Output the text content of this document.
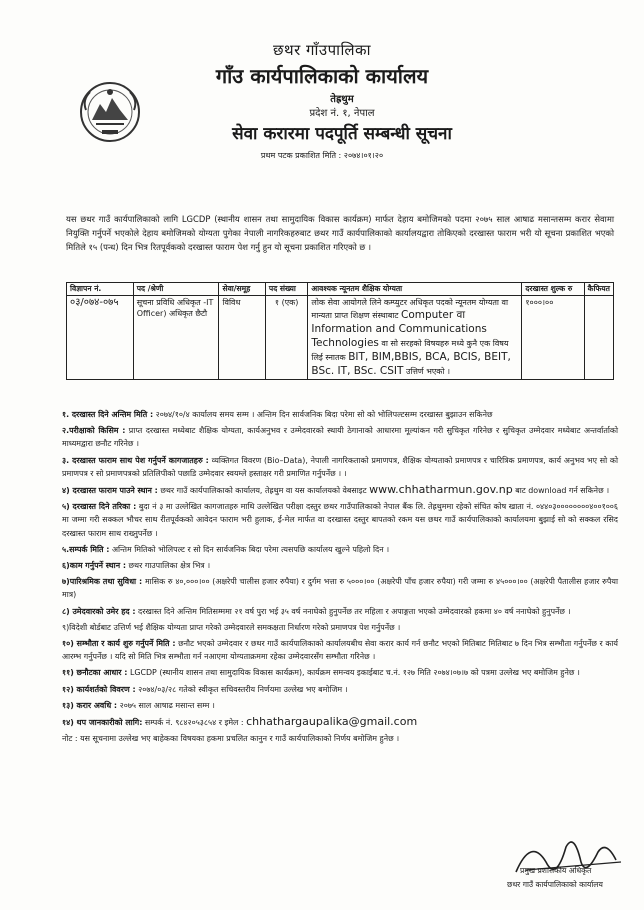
छथर गाँउपालिका
गाँउ कार्यपालिकाको कार्यालय
तेह्रथुम
प्रदेश नं. १, नेपाल
सेवा करारमा पदपूर्ति सम्बन्धी सूचना
प्रथम पटक प्रकाशित मिति : २०७४।०१।२०
यस छथर गाउँ कार्यपालिकाको लागि LGCDP (स्थानीय शासन तथा सामुदायिक विकास कार्यक्रम) मार्फत देहाय बमोजिमको पदमा २०७५ साल आषाढ मसान्तसम्म करार सेवामा नियुक्ति गर्नुपर्ने भएकोले देहाय बमोजिमको योग्यता पुगेका नेपाली नागरिकहरुबाट छथर गाउँ कार्यपालिकाको कार्यालयद्वारा तोकिएको दरखास्त फाराम भरी यो सूचना प्रकाशित भएको मितिले १५ (पन्ध) दिन भित्र रितपूर्वकको दरखास्त फाराम पेश गर्नु हुन यो सूचना प्रकाशित गरिएको छ ।
विज्ञापन नं.	पद /श्रेणी	सेवा/समूह	पद संख्या	आवश्यक न्यूनतम शैक्षिक योग्यता	दरखास्त शुल्क रु	कैफियत
०३/०७४-०७५	सूचना प्रविधि अधिकृत -IT Officer) अधिकृत छैटौ	विविध	१ (एक)	लोक सेवा आयोगले लिने कम्प्युटर अधिकृत पदको न्यूनतम योग्यता वा मान्यता प्राप्त शिक्षण संस्थाबाट Computer वा Information and Communications Technologies वा सो सरहको विषयहरु मध्ये कुनै एक विषय लिई स्नातक BIT, BIM,BBIS, BCA, BCIS, BEIT, BSc. IT, BSc. CSIT उत्तिर्ण भएको ।	१०००।००	
१. दरखास्त दिने अन्तिम मिति : २०७४/१०/४ कार्यालय समय सम्म । अन्तिम दिन सार्वजनिक बिदा परेमा सो को भोलिपल्टसम्म दरखास्त बुझाउन सकिनेछ
२.परीक्षाको किसिम : प्राप्त दरखास्त मध्येबाट शैक्षिक योग्यता, कार्यअनुभव र उम्मेदवारको स्थायी ठेगानाको आधारमा मूल्यांकन गरी सुचिकृत गरिनेछ र सुचिकृत उम्मेदवार मध्येबाट अन्तर्वार्ताको माध्यमद्वारा छनौट गरिनेछ ।
३. दरखास्त फाराम साथ पेश गर्नुपर्ने कागजातहरु : व्यक्तिगत विवरण (Bio–Data), नेपाली नागरिकताको प्रमाणपत्र, शैक्षिक योग्यताको प्रमाणपत्र र चारित्रिक प्रमाणपत्र, कार्य अनुभव भए सो को प्रमाणपत्र र सो प्रमाणपत्रको प्रतिलिपीको पछाडि उम्मेदवार स्वयम्ले हस्ताक्षर गरी प्रमाणित गर्नुपर्नेछ । ।
४) दरखास्त फाराम पाउने स्थान : छथर गाउँ कार्यपालिकाको कार्यालय, तेह्रथुम वा यस कार्यालयको वेबसाइट www.chhatharmun.gov.np बाट download गर्न सकिनेछ ।
५) दरखास्त दिने तरिका : बुदा नं ३ मा उल्लेखित कागजातहरु माथि उल्लेखित परीक्षा दस्तुर छथर गाउँपालिकाको नेपाल बैंक लि. तेह्रथुममा रहेको संचित कोष खाता नं. ०४४०३००००००००४००१००६ मा जम्मा गरी सक्कल भौचर साथ रीतपूर्वकको आवेदन फाराम भरी हुलाक, ई-मेल मार्फत वा दरखास्त दस्तुर बापतको रकम यस छथर गाउँ कार्यपालिकाको कार्यालयमा बुझाई सो को सक्कल रसिद दरखास्त फाराम साथ राख्नुपर्नेछ ।
५.सम्पर्क मिति : अन्तिम मितिको भोलिपल्ट र सो दिन सार्वजनिक बिदा परेमा त्यसपछि कार्यालय खुल्ने पहिलो दिन ।
६)काम गर्नुपर्ने स्थान : छथर गाउपालिका क्षेत्र भित्र ।
७)पारिश्रमिक तथा सुविधा : मासिक रु ४०,०००।०० (अक्षरेपी चालीस हजार रुपैया) र दुर्गम भत्ता रु ५०००।०० (अक्षरेपी पाँच हजार रुपैया) गरी जम्मा रु ४५०००।०० (अक्षरेपी पैतालीस हजार रुपैया मात्र)
८) उमेदवारको उमेर हद : दरखास्त दिने अन्तिम मितिसम्ममा २१ वर्ष पुरा भई ३५ वर्ष ननाघेको हुनुपर्नेछ तर महिला र अपाङ्गता भएको उम्मेदवारको हकमा ४० वर्ष ननाघेको हुनुपर्नेछ ।
९)विदेशी बोर्डबाट उत्तिर्ण भई शैक्षिक योग्यता प्राप्त गरेको उम्मेदवारले समकक्षता निर्धारण गरेको प्रमाणपत्र पेश गर्नुपर्नेछ ।
१०) सम्भौता र कार्य शुरु गर्नुपर्ने मिति : छनौट भएको उम्मेदवार र छथर गाउँ कार्यपालिकाको कार्यालयबीच सेवा करार कार्य गर्न छनौट भएको मितिबाट मितिबाट ७ दिन भित्र सम्भौता गर्नुपर्नेछ र कार्य आरम्भ गर्नुपर्नेछ । यदि सो मिति भित्र सम्भौता गर्न नआएमा योग्यताक्रममा रहेका उम्मेदवारसँग सम्भौता गरिनेछ ।
११) छनौटका आधार : LGCDP (स्थानीय शासन तथा सामुदायिक विकास कार्यक्रम), कार्यक्रम समन्वय इकाईबाट च.नं. १२७ मिति २०७४।०७।७ को पत्रमा उल्लेख भए बमोजिम हुनेछ ।
१२) कार्यशर्तको विवरण : २०७४/०३/२८ गतेको स्वीकृत सचिवस्तरीय निर्णयमा उल्लेख भए बमोजिम ।
१३) करार अवधि : २०७५ साल आषाढ मसान्त सम्म ।
१४) थप जानकारीको लागि: सम्पर्क नं. ९८४२०५३८५४ र इमेल : chhathargaupalika@gmail.com
नोट : यस सूचनामा उल्लेख भए बाहेकका विषयका हकमा प्रचलित कानुन र गाउँ कार्यपालिकाको निर्णय बमोजिम हुनेछ ।
प्रमुख प्रशासकीय अधिकृत
छथर गाउँ कार्यपालिकाको कार्यालय
